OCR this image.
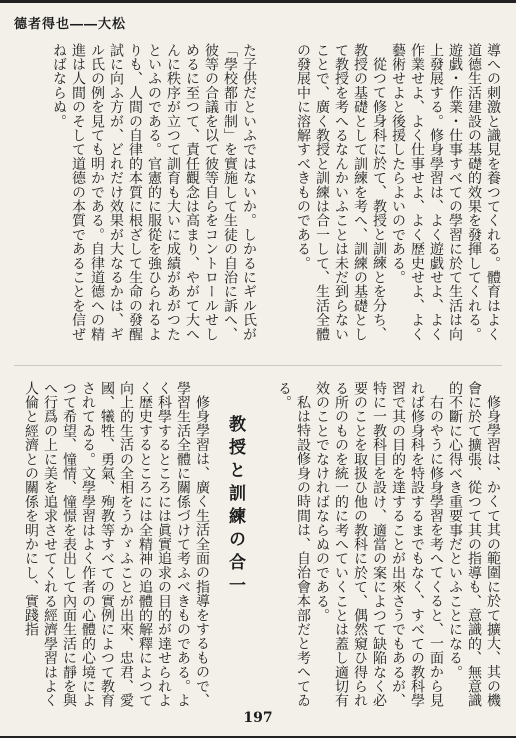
德者得也――大松

導への刺激と識見を養つてくれる。體育はよく道德生活建設の基礎的效果を發揮してくれる。遊戯・作業・仕事すべての學習に於て生活は向上發展する。修身學習は、よく遊戯せよ、よく作業せよ、よく仕事せよ、よく歴史せよ、よく藝術せよと後援したらよいのである。

從つて修身科に於て、教授と訓練とを分ち、教授の基礎として訓練を考へ、訓練の基礎として教授を考へるなんかいふことは未だ到らないことで、廣く教授と訓練は合一して、生活全體の發展中に溶解すべきものである。

た子供だといふではないか。しかるにギル氏が「學校都市制」を實施して生徒の自治に訴へ、彼等の合議を以て彼等自らをコントロールせしめるに至つて、責任觀念は高まり、やがて大へんに秩序が立つて訓育も大いに成績があがつたといふのである。官憲的に服從を強ひられるよりも、人間の自律的本質に根ざして生命の發醒試に向ふ方が、どれだけ效果が大なるかは、ギル氏の例を見ても明かである。自律道德への精進は人間のそして道德の本質であることを信ぜねばならぬ。

修身學習は、かくて其の範圍に於て擴大、其の機會に於て擴張、從つて其の指導も、意識的、無意識的不斷に心得べき重要事だといふことになる。

右のやうに修身學習を考へてくると、一面から見れば修身科を特設するまでもなく、すべての教科學習で其の目的を達することが出來さうでもあるが、特に一教科目を設け、適當の案によつて缺陥なく必要のことを取扱ひ他の教科に於て、偶然窺ひ得られる所のものを統一的に考へていくことは蓋し適切有效のことでなければならぬのである。

私は特設修身の時間は、自治會本部だと考へてゐる。

教授と訓練の合一

修身學習は、廣く生活全面の指導をするもので、學習生活全體に關係づけて考ふべきものである。よく科學するところには眞實追求の目的が達せられよく歴史するところには全精神の追體的解釋によつて向上的生活の全相をうかゞふことが出來、忠君、愛國、犧牲、勇氣、殉教等すべての實例によつて教育されてゐる。文學學習はよく作者の心體的心境によつて希望、憧情、憧憬を表出して內面生活に靜を與へ行爲の上に美を追求させてくれる經濟學習はよく人倫と經濟との關係を明かにし、實踐指

197
